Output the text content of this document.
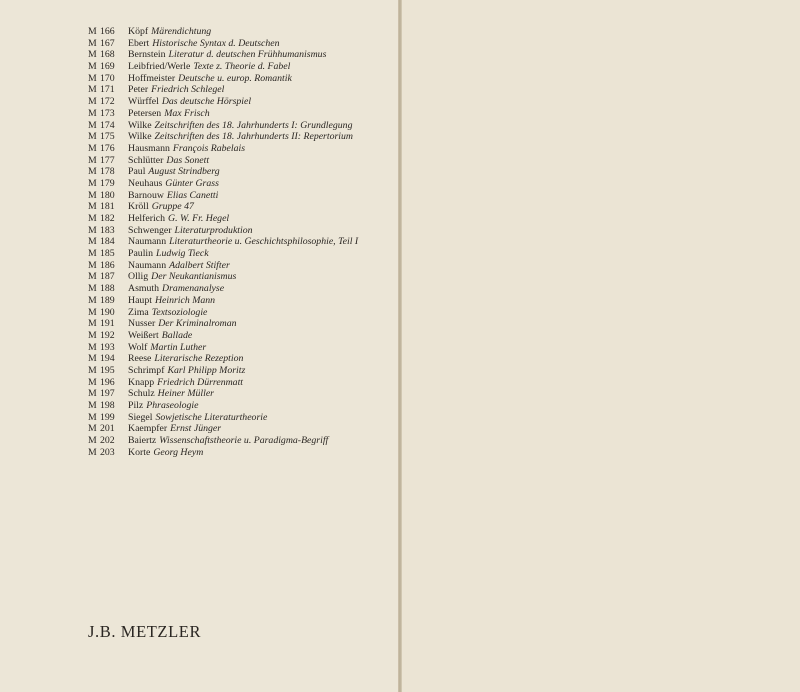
M 166	Köpf Märendichtung
M 167	Ebert Historische Syntax d. Deutschen
M 168	Bernstein Literatur d. deutschen Frühhumanismus
M 169	Leibfried/Werle Texte z. Theorie d. Fabel
M 170	Hoffmeister Deutsche u. europ. Romantik
M 171	Peter Friedrich Schlegel
M 172	Würffel Das deutsche Hörspiel
M 173	Petersen Max Frisch
M 174	Wilke Zeitschriften des 18. Jahrhunderts I: Grundlegung
M 175	Wilke Zeitschriften des 18. Jahrhunderts II: Repertorium
M 176	Hausmann François Rabelais
M 177	Schlütter Das Sonett
M 178	Paul August Strindberg
M 179	Neuhaus Günter Grass
M 180	Barnouw Elias Canetti
M 181	Kröll Gruppe 47
M 182	Helferich G. W. Fr. Hegel
M 183	Schwenger Literaturproduktion
M 184	Naumann Literaturtheorie u. Geschichtsphilosophie, Teil I
M 185	Paulin Ludwig Tieck
M 186	Naumann Adalbert Stifter
M 187	Ollig Der Neukantianismus
M 188	Asmuth Dramenanalyse
M 189	Haupt Heinrich Mann
M 190	Zima Textsoziologie
M 191	Nusser Der Kriminalroman
M 192	Weißert Ballade
M 193	Wolf Martin Luther
M 194	Reese Literarische Rezeption
M 195	Schrimpf Karl Philipp Moritz
M 196	Knapp Friedrich Dürrenmatt
M 197	Schulz Heiner Müller
M 198	Pilz Phraseologie
M 199	Siegel Sowjetische Literaturtheorie
M 201	Kaempfer Ernst Jünger
M 202	Baiertz Wissenschaftstheorie u. Paradigma-Begriff
M 203	Korte Georg Heym
J.B. METZLER
